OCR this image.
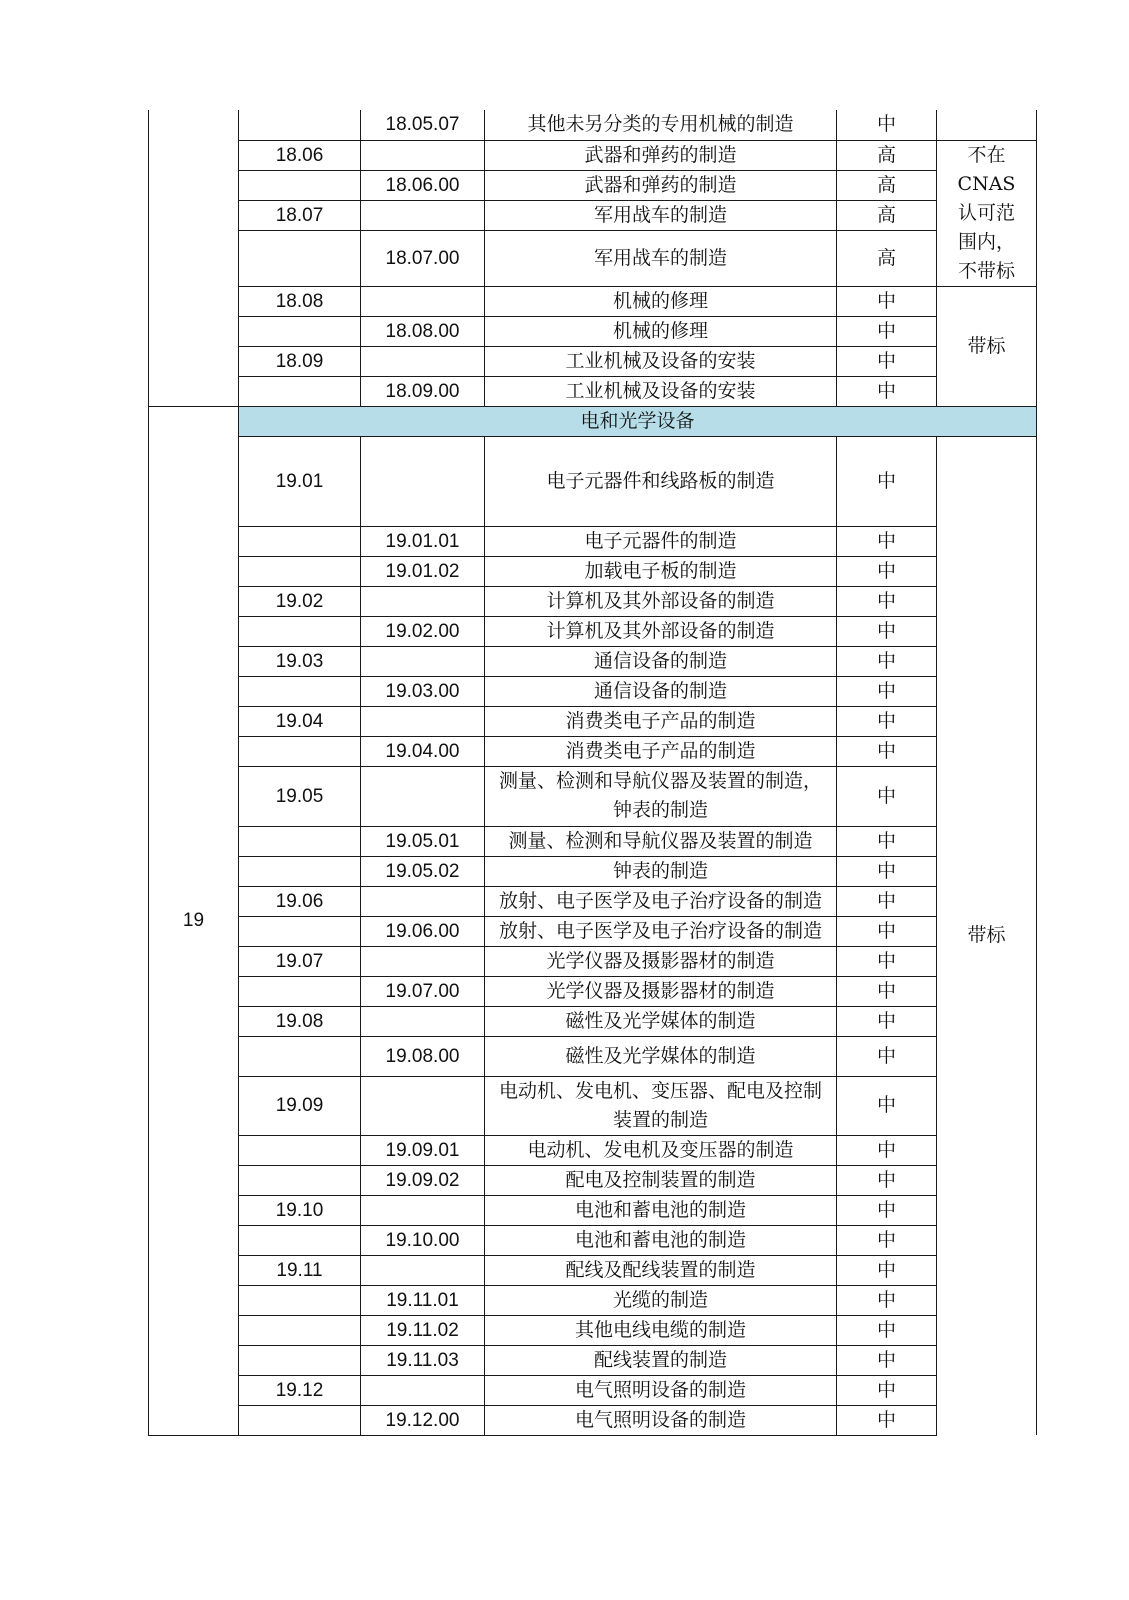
		18.05.07	其他未另分类的专用机械的制造	中	
	18.06		武器和弹药的制造	高	不在CNAS认可范围内，不带标
		18.06.00	武器和弹药的制造	高	
	18.07		军用战车的制造	高	
		18.07.00	军用战车的制造	高	
	18.08		机械的修理	中	带标
		18.08.00	机械的修理	中	
	18.09		工业机械及设备的安装	中	
		18.09.00	工业机械及设备的安装	中	
19	电和光学设备				
	19.01		电子元器件和线路板的制造	中	带标
		19.01.01	电子元器件的制造	中	
		19.01.02	加载电子板的制造	中	
	19.02		计算机及其外部设备的制造	中	
		19.02.00	计算机及其外部设备的制造	中	
	19.03		通信设备的制造	中	
		19.03.00	通信设备的制造	中	
	19.04		消费类电子产品的制造	中	
		19.04.00	消费类电子产品的制造	中	
	19.05		测量、检测和导航仪器及装置的制造，钟表的制造	中	
		19.05.01	测量、检测和导航仪器及装置的制造	中	
		19.05.02	钟表的制造	中	
	19.06		放射、电子医学及电子治疗设备的制造	中	
		19.06.00	放射、电子医学及电子治疗设备的制造	中	
	19.07		光学仪器及摄影器材的制造	中	
		19.07.00	光学仪器及摄影器材的制造	中	
	19.08		磁性及光学媒体的制造	中	
		19.08.00	磁性及光学媒体的制造	中	
	19.09		电动机、发电机、变压器、配电及控制装置的制造	中	
		19.09.01	电动机、发电机及变压器的制造	中	
		19.09.02	配电及控制装置的制造	中	
	19.10		电池和蓄电池的制造	中	
		19.10.00	电池和蓄电池的制造	中	
	19.11		配线及配线装置的制造	中	
		19.11.01	光缆的制造	中	
		19.11.02	其他电线电缆的制造	中	
		19.11.03	配线装置的制造	中	
	19.12		电气照明设备的制造	中	
		19.12.00	电气照明设备的制造	中	
